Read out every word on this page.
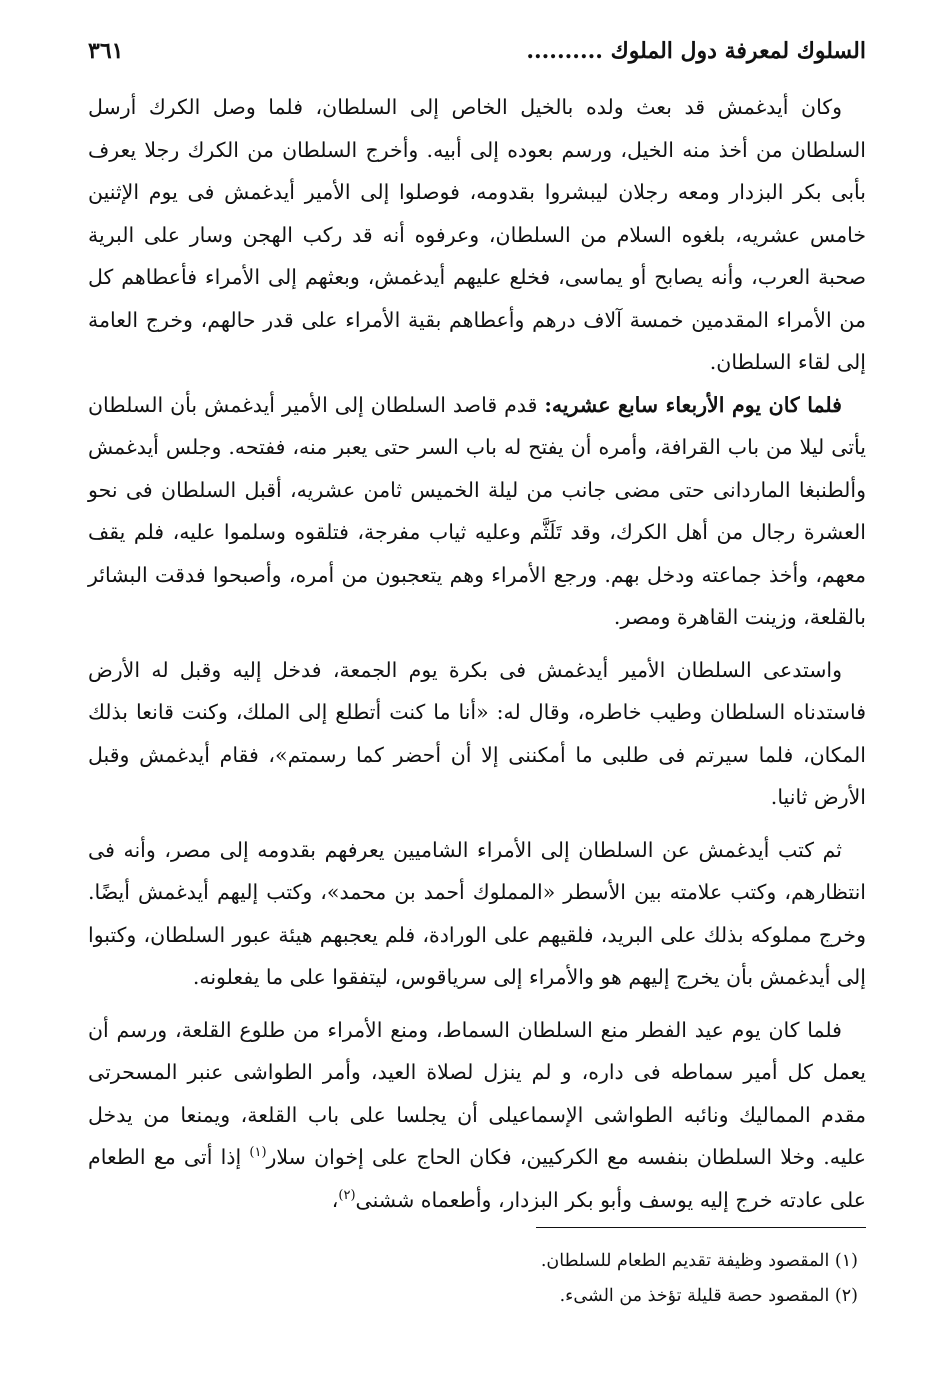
السلوك لمعرفة دول الملوك ..........
٣٦١

وكان أيدغمش قد بعث ولده بالخيل الخاص إلى السلطان، فلما وصل الكرك أرسل السلطان من أخذ منه الخيل، ورسم بعوده إلى أبيه. وأخرج السلطان من الكرك رجلا يعرف بأبى بكر البزدار ومعه رجلان ليبشروا بقدومه، فوصلوا إلى الأمير أيدغمش فى يوم الإثنين خامس عشريه، بلغوه السلام من السلطان، وعرفوه أنه قد ركب الهجن وسار على البرية صحبة العرب، وأنه يصابح أو يماسى، فخلع عليهم أيدغمش، وبعثهم إلى الأمراء فأعطاهم كل من الأمراء المقدمين خمسة آلاف درهم وأعطاهم بقية الأمراء على قدر حالهم، وخرج العامة إلى لقاء السلطان.

فلما كان يوم الأربعاء سابع عشريه: قدم قاصد السلطان إلى الأمير أيدغمش بأن السلطان يأتى ليلا من باب القرافة، وأمره أن يفتح له باب السر حتى يعبر منه، ففتحه. وجلس أيدغمش وألطنبغا الماردانى حتى مضى جانب من ليلة الخميس ثامن عشريه، أقبل السلطان فى نحو العشرة رجال من أهل الكرك، وقد تَلَثَّم وعليه ثياب مفرجة، فتلقوه وسلموا عليه، فلم يقف معهم، وأخذ جماعته ودخل بهم. ورجع الأمراء وهم يتعجبون من أمره، وأصبحوا فدقت البشائر بالقلعة، وزينت القاهرة ومصر.

واستدعى السلطان الأمير أيدغمش فى بكرة يوم الجمعة، فدخل إليه وقبل له الأرض فاستدناه السلطان وطيب خاطره، وقال له: «أنا ما كنت أتطلع إلى الملك، وكنت قانعا بذلك المكان، فلما سيرتم فى طلبى ما أمكننى إلا أن أحضر كما رسمتم»، فقام أيدغمش وقبل الأرض ثانيا.

ثم كتب أيدغمش عن السلطان إلى الأمراء الشاميين يعرفهم بقدومه إلى مصر، وأنه فى انتظارهم، وكتب علامته بين الأسطر «المملوك أحمد بن محمد»، وكتب إليهم أيدغمش أيضًا. وخرج مملوكه بذلك على البريد، فلقيهم على الورادة، فلم يعجبهم هيئة عبور السلطان، وكتبوا إلى أيدغمش بأن يخرج إليهم هو والأمراء إلى سرياقوس، ليتفقوا على ما يفعلونه.

فلما كان يوم عيد الفطر منع السلطان السماط، ومنع الأمراء من طلوع القلعة، ورسم أن يعمل كل أمير سماطه فى داره، و لم ينزل لصلاة العيد، وأمر الطواشى عنبر المسحرتى مقدم المماليك ونائبه الطواشى الإسماعيلى أن يجلسا على باب القلعة، ويمنعا من يدخل عليه. وخلا السلطان بنفسه مع الكركيين، فكان الحاج على إخوان سلار$^{(١)}$ إذا أتى مع الطعام على عادته خرج إليه يوسف وأبو بكر البزدار، وأطعماه ششنى$^{(٢)}$،

(١) المقصود وظيفة تقديم الطعام للسلطان.

(٢) المقصود حصة قليلة تؤخذ من الشىء.
